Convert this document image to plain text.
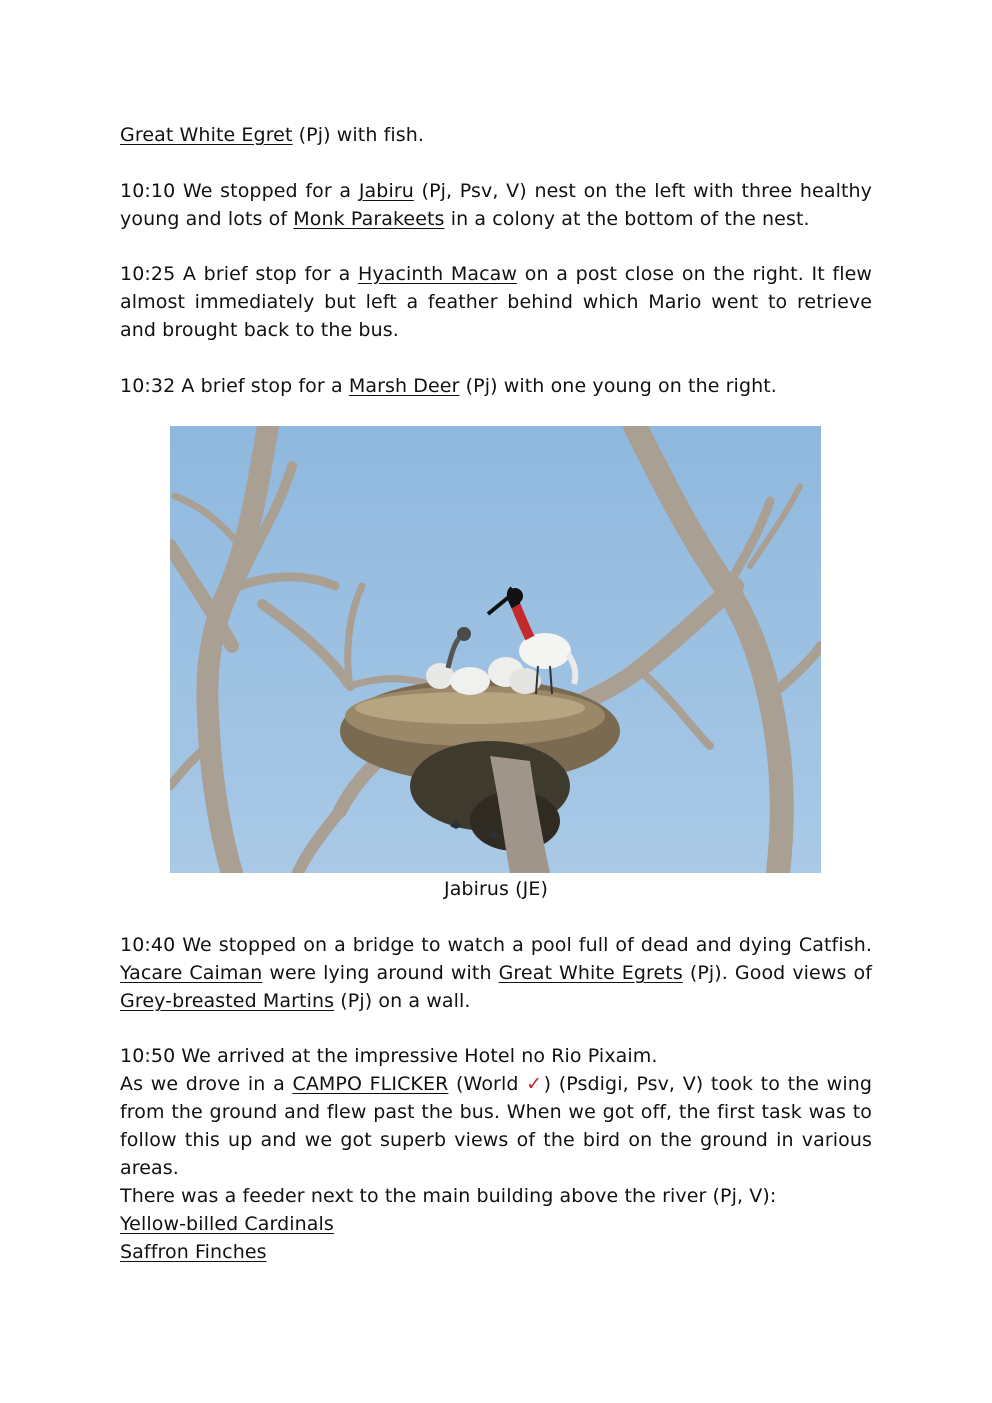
Great White Egret (Pj) with fish.

10:10 We stopped for a Jabiru (Pj, Psv, V) nest on the left with three healthy young and lots of Monk Parakeets in a colony at the bottom of the nest.

10:25 A brief stop for a Hyacinth Macaw on a post close on the right. It flew almost immediately but left a feather behind which Mario went to retrieve and brought back to the bus.

10:32 A brief stop for a Marsh Deer (Pj) with one young on the right.

Jabirus (JE)

10:40 We stopped on a bridge to watch a pool full of dead and dying Catfish. Yacare Caiman were lying around with Great White Egrets (Pj). Good views of Grey-breasted Martins (Pj) on a wall.

10:50 We arrived at the impressive Hotel no Rio Pixaim.

As we drove in a CAMPO FLICKER (World ✓) (Psdigi, Psv, V) took to the wing from the ground and flew past the bus. When we got off, the first task was to follow this up and we got superb views of the bird on the ground in various areas.

There was a feeder next to the main building above the river (Pj, V):

Yellow-billed Cardinals

Saffron Finches
